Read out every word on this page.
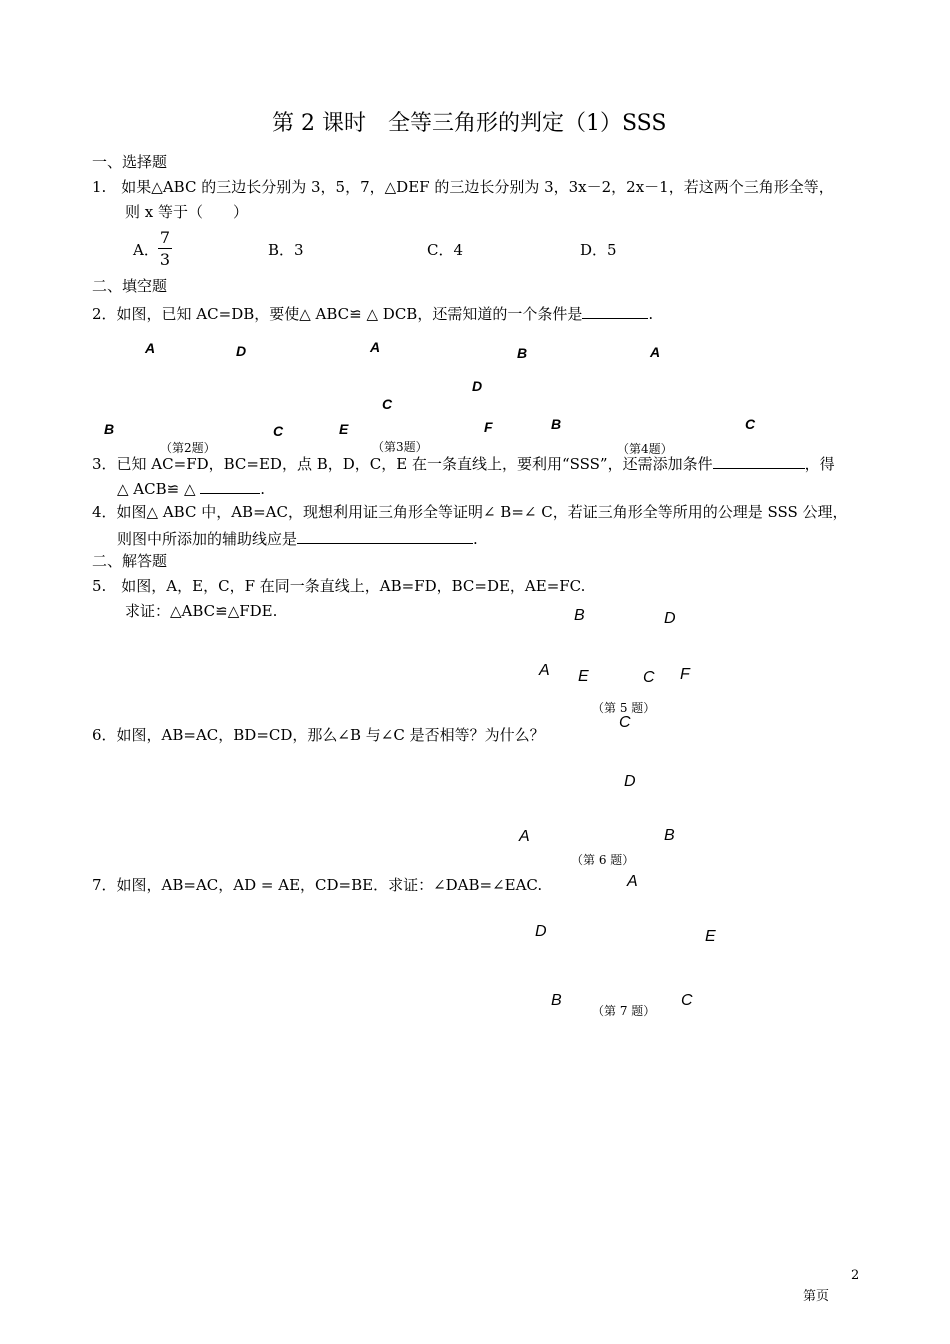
第 2 课时　全等三角形的判定（1）SSS
一、选择题
1.　如果△ABC 的三边长分别为 3，5，7，△DEF 的三边长分别为 3，3x－2，2x－1，若这两个三角形全等，
则 x 等于（　　）
A．
7
3	B．3	C．4	D．5
二、填空题
2．如图，已知 AC=DB，要使△ ABC≌ △ DCB，还需知道的一个条件是	.
A	D
B	C
（第2题）
A
D
C
E	F
B
（第3题）
A
B	C
（第4题）
3．已知 AC=FD，BC=ED，点 B，D，C，E 在一条直线上，要利用“SSS”，还需添加条件	，得
△ ACB≌ △	.
4．如图△ ABC 中，AB=AC，现想利用证三角形全等证明∠ B=∠ C，若证三角形全等所用的公理是 SSS 公理，
则图中所添加的辅助线应是	.
二、解答题
5.　如图，A，E，C，F 在同一条直线上，AB=FD，BC=DE，AE=FC.
求证：△ABC≌△FDE.	B	D
A E	C F
（第 5 题）
6．如图，AB=AC，BD=CD，那么∠B 与∠C 是否相等？为什么？
C
D
A	B
（第 6 题）
7．如图，AB=AC，AD = AE，CD=BE．求证：∠DAB=∠EAC.	A
D	E
B	C
（第 7 题）
2
第页
